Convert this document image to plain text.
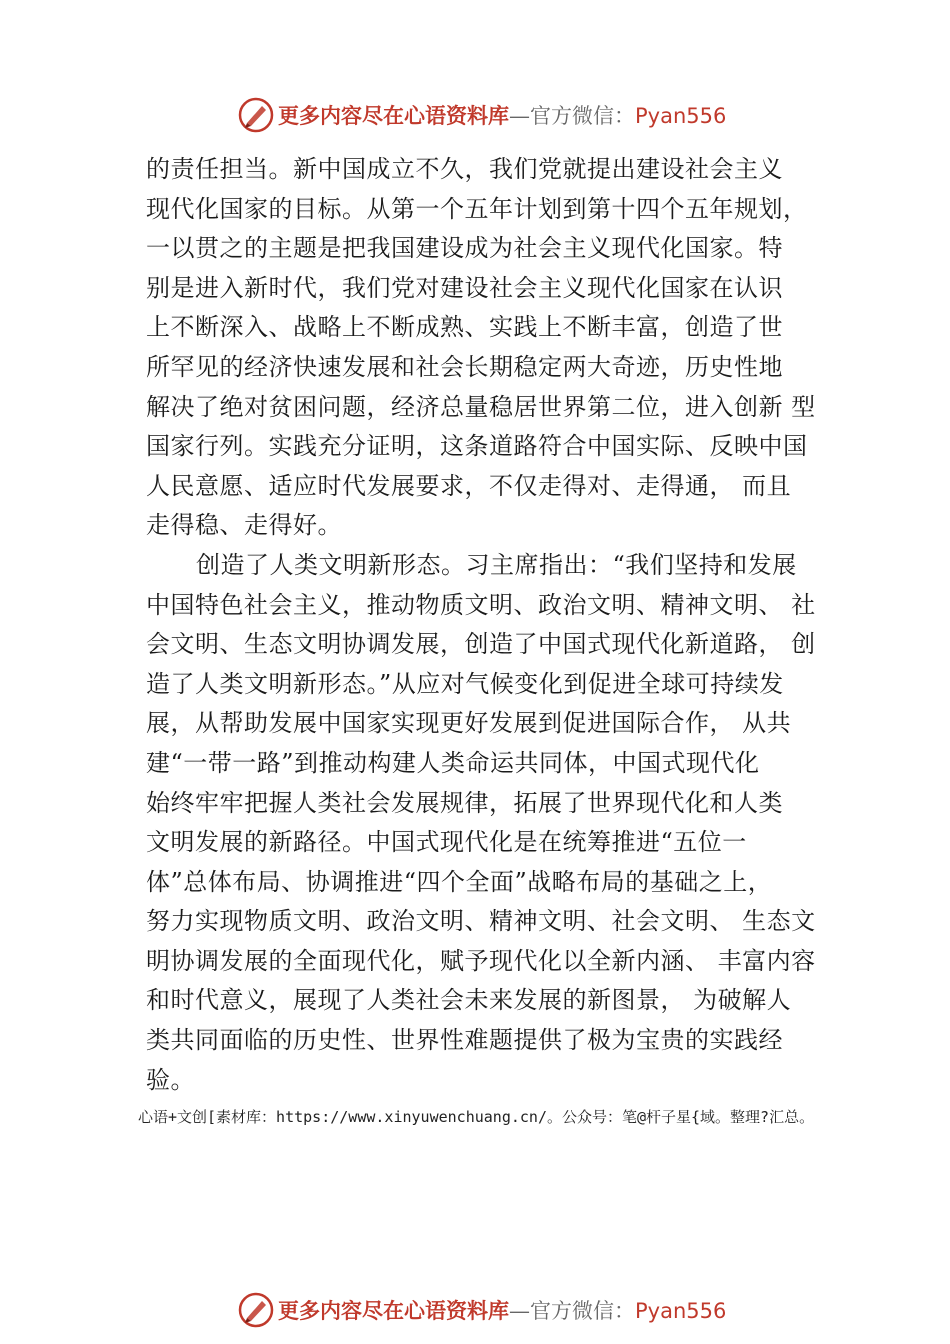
更多内容尽在心语资料库—官方微信：Pyan556
的责任担当。新中国成立不久，我们党就提出建设社会主义
现代化国家的目标。从第一个五年计划到第十四个五年规划，
一以贯之的主题是把我国建设成为社会主义现代化国家。特
别是进入新时代，我们党对建设社会主义现代化国家在认识
上不断深入、战略上不断成熟、实践上不断丰富，创造了世
所罕见的经济快速发展和社会长期稳定两大奇迹，历史性地
解决了绝对贫困问题，经济总量稳居世界第二位，进入创新 型
国家行列。实践充分证明，这条道路符合中国实际、反映中国
人民意愿、适应时代发展要求，不仅走得对、走得通， 而且
走得稳、走得好。
创造了人类文明新形态。习主席指出：“我们坚持和发展
中国特色社会主义，推动物质文明、政治文明、精神文明、 社
会文明、生态文明协调发展，创造了中国式现代化新道路， 创
造了人类文明新形态。”从应对气候变化到促进全球可持续发
展，从帮助发展中国家实现更好发展到促进国际合作， 从共
建“一带一路”到推动构建人类命运共同体，中国式现代化
始终牢牢把握人类社会发展规律，拓展了世界现代化和人类
文明发展的新路径。中国式现代化是在统筹推进“五位一
体”总体布局、协调推进“四个全面”战略布局的基础之上，
努力实现物质文明、政治文明、精神文明、社会文明、 生态文
明协调发展的全面现代化，赋予现代化以全新内涵、 丰富内容
和时代意义，展现了人类社会未来发展的新图景， 为破解人
类共同面临的历史性、世界性难题提供了极为宝贵的实践经
验。
心语+文创[素材库：https://www.xinyuwenchuang.cn/。公众号：笔@杆子星{域。整理?汇总。
更多内容尽在心语资料库—官方微信：Pyan556
